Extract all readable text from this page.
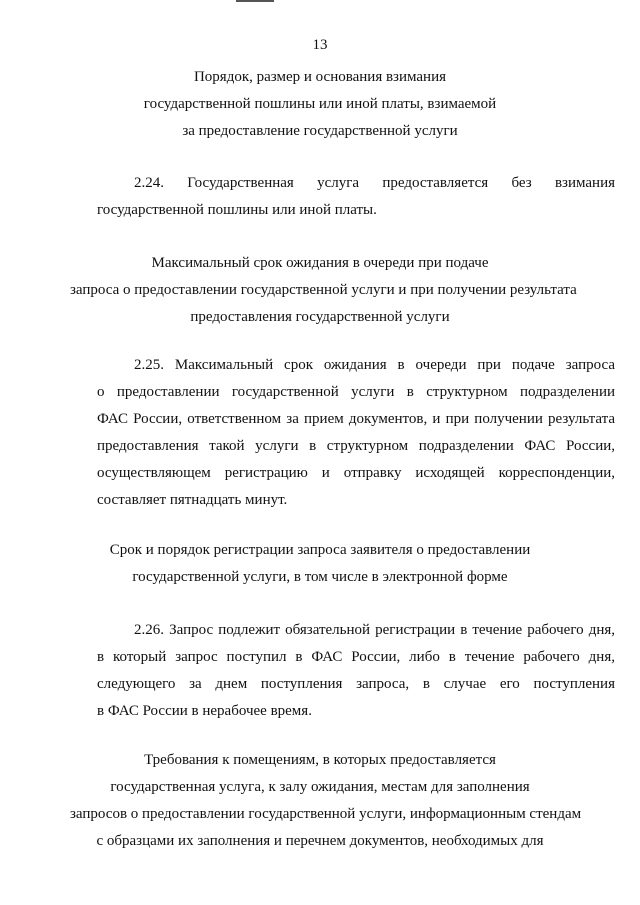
13
Порядок, размер и основания взимания
государственной пошлины или иной платы, взимаемой
за предоставление государственной услуги
2.24. Государственная услуга предоставляется без взимания
государственной пошлины или иной платы.
Максимальный срок ожидания в очереди при подаче
запроса о предоставлении государственной услуги и при получении результата
предоставления государственной услуги
2.25. Максимальный срок ожидания в очереди при подаче запроса
о предоставлении государственной услуги в структурном подразделении
ФАС России, ответственном за прием документов, и при получении результата
предоставления такой услуги в структурном подразделении ФАС России,
осуществляющем регистрацию и отправку исходящей корреспонденции,
составляет пятнадцать минут.
Срок и порядок регистрации запроса заявителя о предоставлении
государственной услуги, в том числе в электронной форме
2.26. Запрос подлежит обязательной регистрации в течение рабочего дня,
в который запрос поступил в ФАС России, либо в течение рабочего дня,
следующего за днем поступления запроса, в случае его поступления
в ФАС России в нерабочее время.
Требования к помещениям, в которых предоставляется
государственная услуга, к залу ожидания, местам для заполнения
запросов о предоставлении государственной услуги, информационным стендам
с образцами их заполнения и перечнем документов, необходимых для
